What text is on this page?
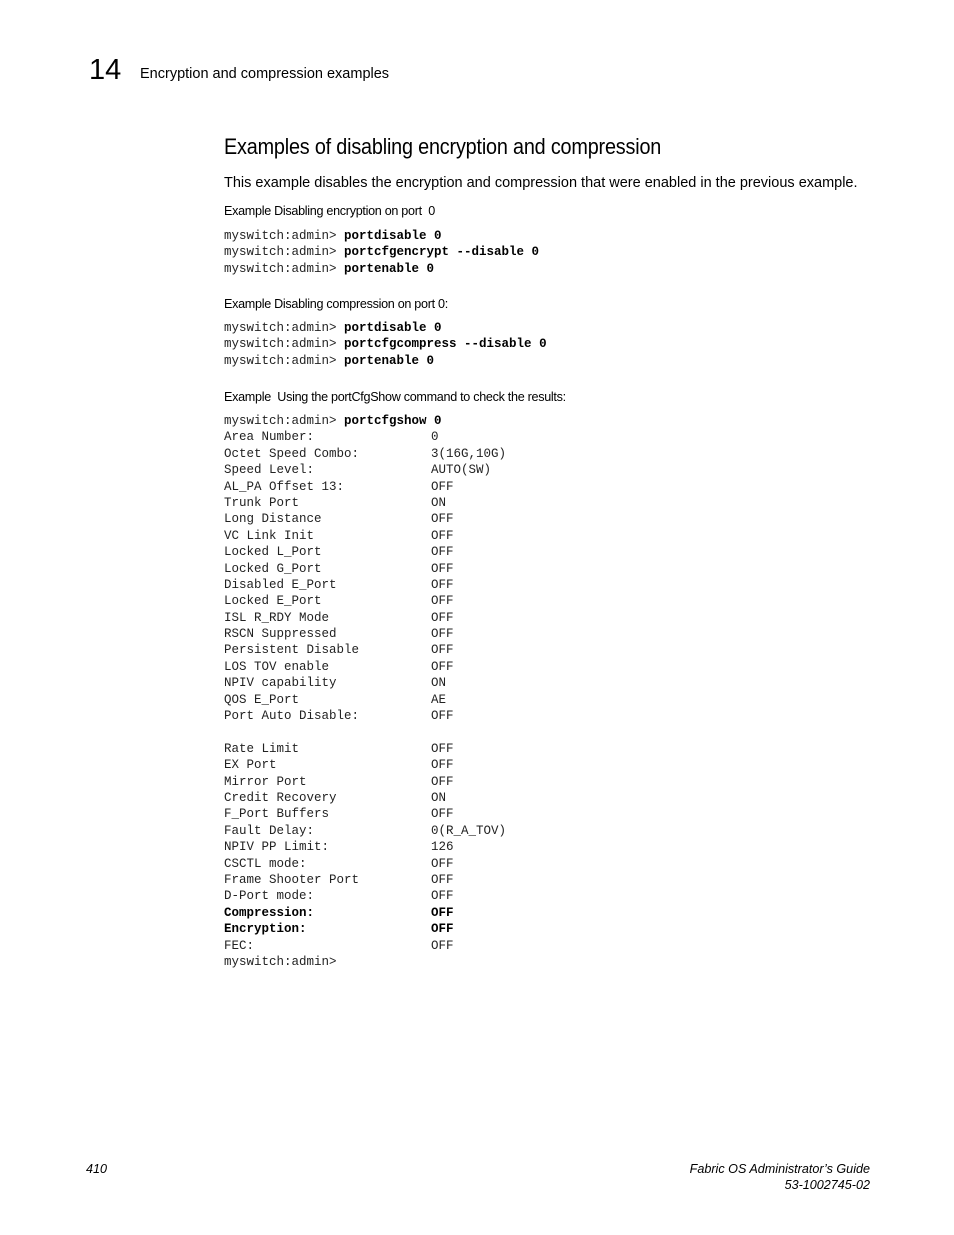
14 Encryption and compression examples
Examples of disabling encryption and compression
This example disables the encryption and compression that were enabled in the previous example.
Example Disabling encryption on port  0
myswitch:admin> portdisable 0
myswitch:admin> portcfgencrypt --disable 0
myswitch:admin> portenable 0
Example Disabling compression on port 0:
myswitch:admin> portdisable 0
myswitch:admin> portcfgcompress --disable 0
myswitch:admin> portenable 0
Example  Using the portCfgShow command to check the results:
myswitch:admin> portcfgshow 0
Area Number:	0
Octet Speed Combo:	3(16G,10G)
Speed Level:	AUTO(SW)
AL_PA Offset 13:	OFF
Trunk Port	ON
Long Distance	OFF
VC Link Init	OFF
Locked L_Port	OFF
Locked G_Port	OFF
Disabled E_Port	OFF
Locked E_Port	OFF
ISL R_RDY Mode	OFF
RSCN Suppressed	OFF
Persistent Disable	OFF
LOS TOV enable	OFF
NPIV capability	ON
QOS E_Port	AE
Port Auto Disable:	OFF
Rate Limit	OFF
EX Port	OFF
Mirror Port	OFF
Credit Recovery	ON
F_Port Buffers	OFF
Fault Delay:	0(R_A_TOV)
NPIV PP Limit:	126
CSCTL mode:	OFF
Frame Shooter Port	OFF
D-Port mode:	OFF
Compression:	OFF
Encryption:	OFF
FEC:	OFF
myswitch:admin>
410	Fabric OS Administrator’s Guide
53-1002745-02
